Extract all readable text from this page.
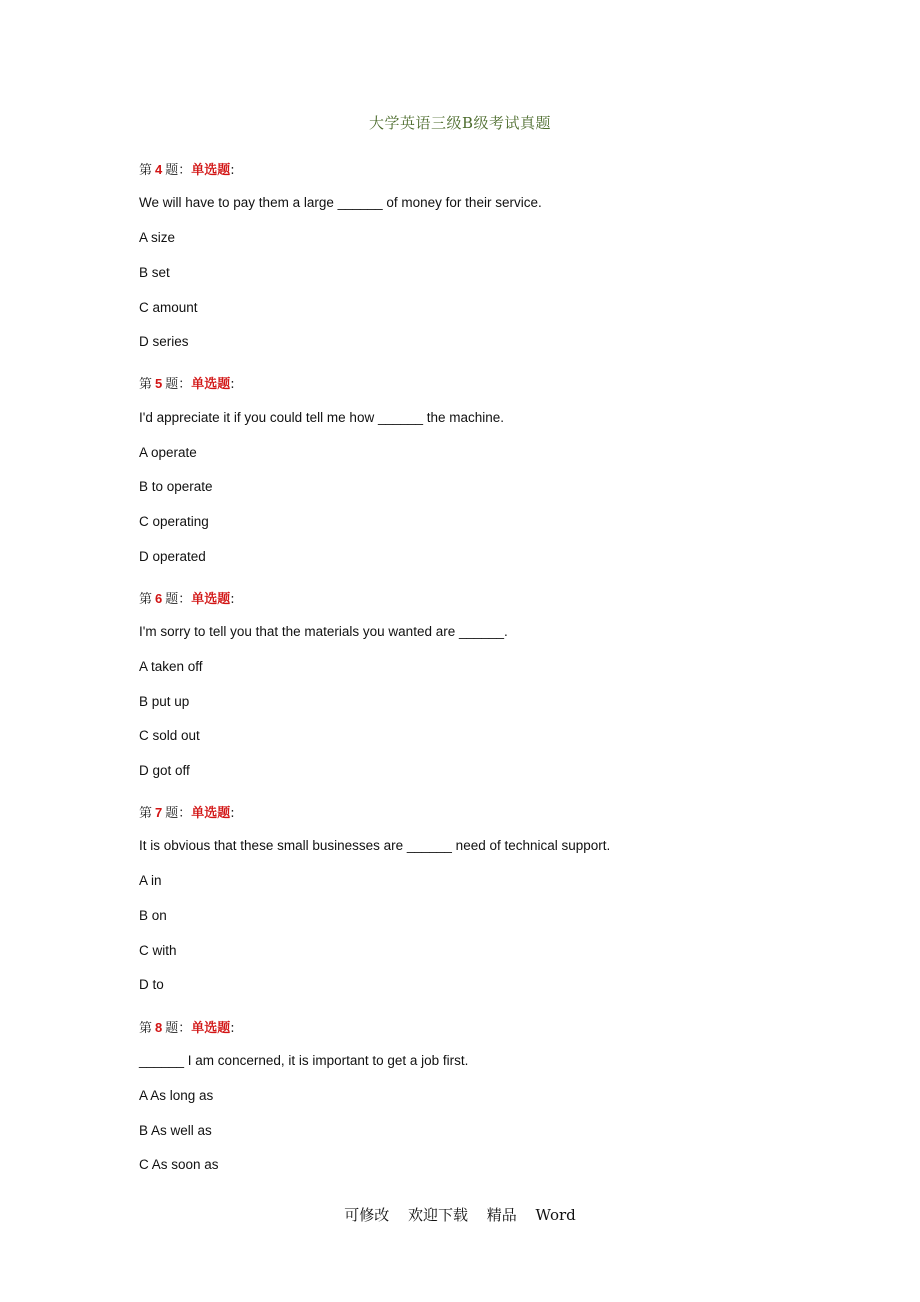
大学英语三级B级考试真题
第 4 题：单选题:
We will have to pay them a large ______ of money for their service.
A size
B set
C amount
D series
第 5 题：单选题:
I'd appreciate it if you could tell me how ______ the machine.
A operate
B to operate
C operating
D operated
第 6 题：单选题:
I'm sorry to tell you that the materials you wanted are ______.
A taken off
B put up
C sold out
D got off
第 7 题：单选题:
It is obvious that these small businesses are ______ need of technical support.
A in
B on
C with
D to
第 8 题：单选题:
______ I am concerned, it is important to get a job first.
A As long as
B As well as
C As soon as
可修改 欢迎下载 精品 Word
